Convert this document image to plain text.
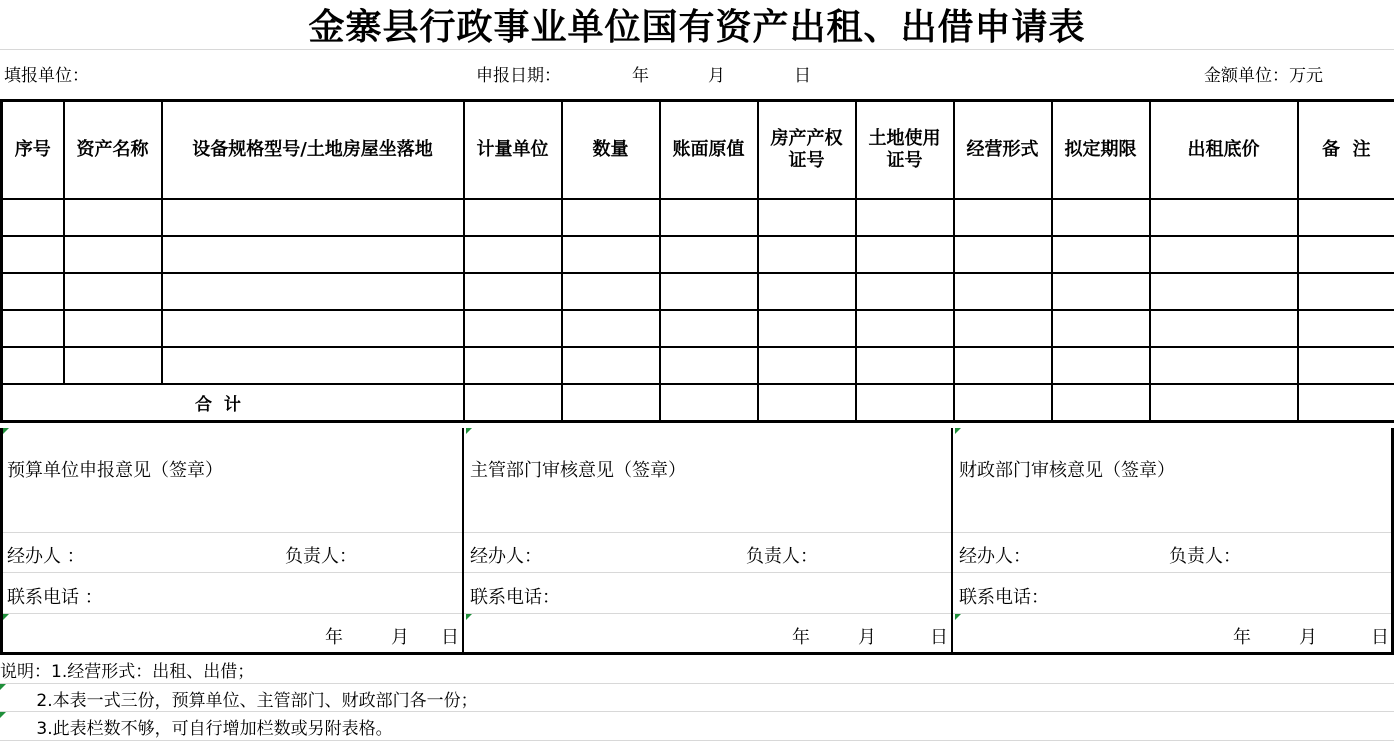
金寨县行政事业单位国有资产出租、出借申请表
填报单位：	申报日期：	年	月	日	金额单位：万元
序号	资产名称	设备规格型号/土地房屋坐落地	计量单位	数量	账面原值	房产产权证号	土地使用证号	经营形式	拟定期限	出租底价	备  注

合  计											
预算单位申报意见（签章）
经办人 ：	负责人：
联系电话 ：
年	月 日
主管部门审核意见（签章）
经办人：	负责人：
联系电话：
年	月	日
财政部门审核意见（签章）
经办人：	负责人：
联系电话：
年	月	日
说明：1.经营形式：出租、出借；
2.本表一式三份，预算单位、主管部门、财政部门各一份；
3.此表栏数不够，可自行增加栏数或另附表格。
